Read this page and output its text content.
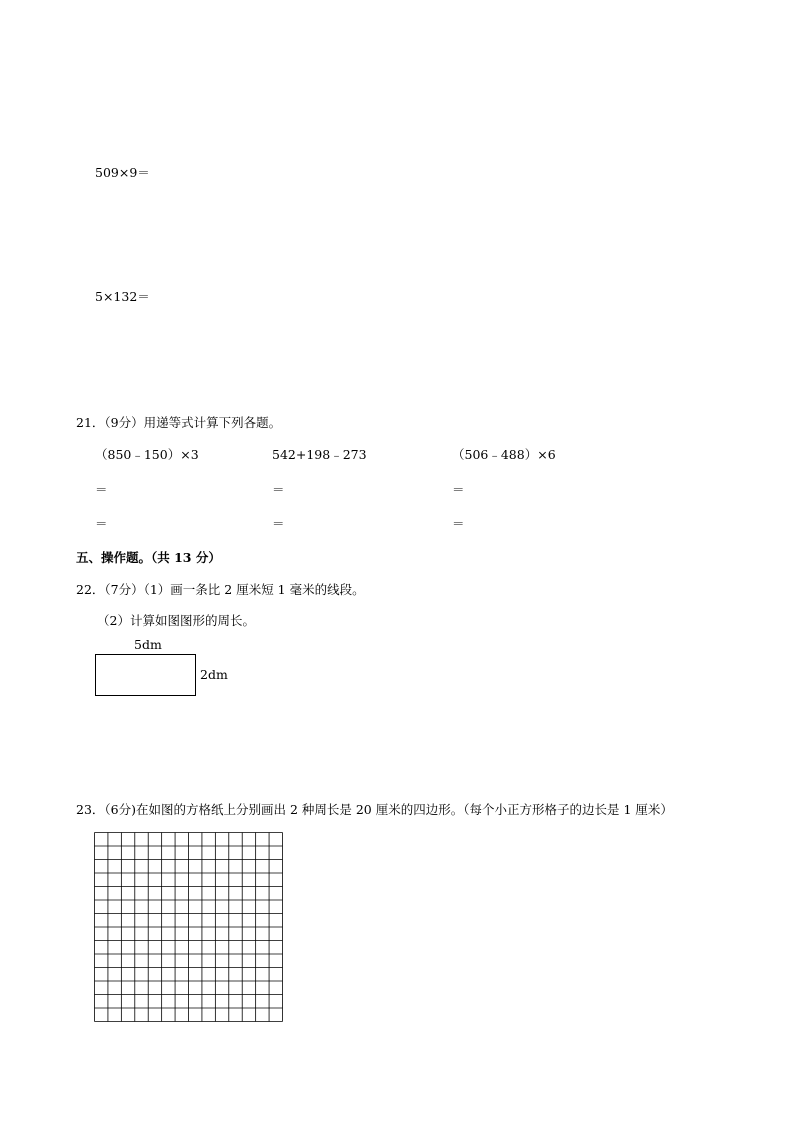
509×9＝
5×132＝
21．（9分）用递等式计算下列各题。
（850﹣150）×3	542+198﹣273	（506﹣488）×6
＝	＝	＝
＝	＝	＝
五、操作题。（共 13 分）
22．（7分）（1）画一条比 2 厘米短 1 毫米的线段。
（2）计算如图图形的周长。
5dm
2dm
23．（6分)在如图的方格纸上分别画出 2 种周长是 20 厘米的四边形。（每个小正方形格子的边长是 1 厘米）
